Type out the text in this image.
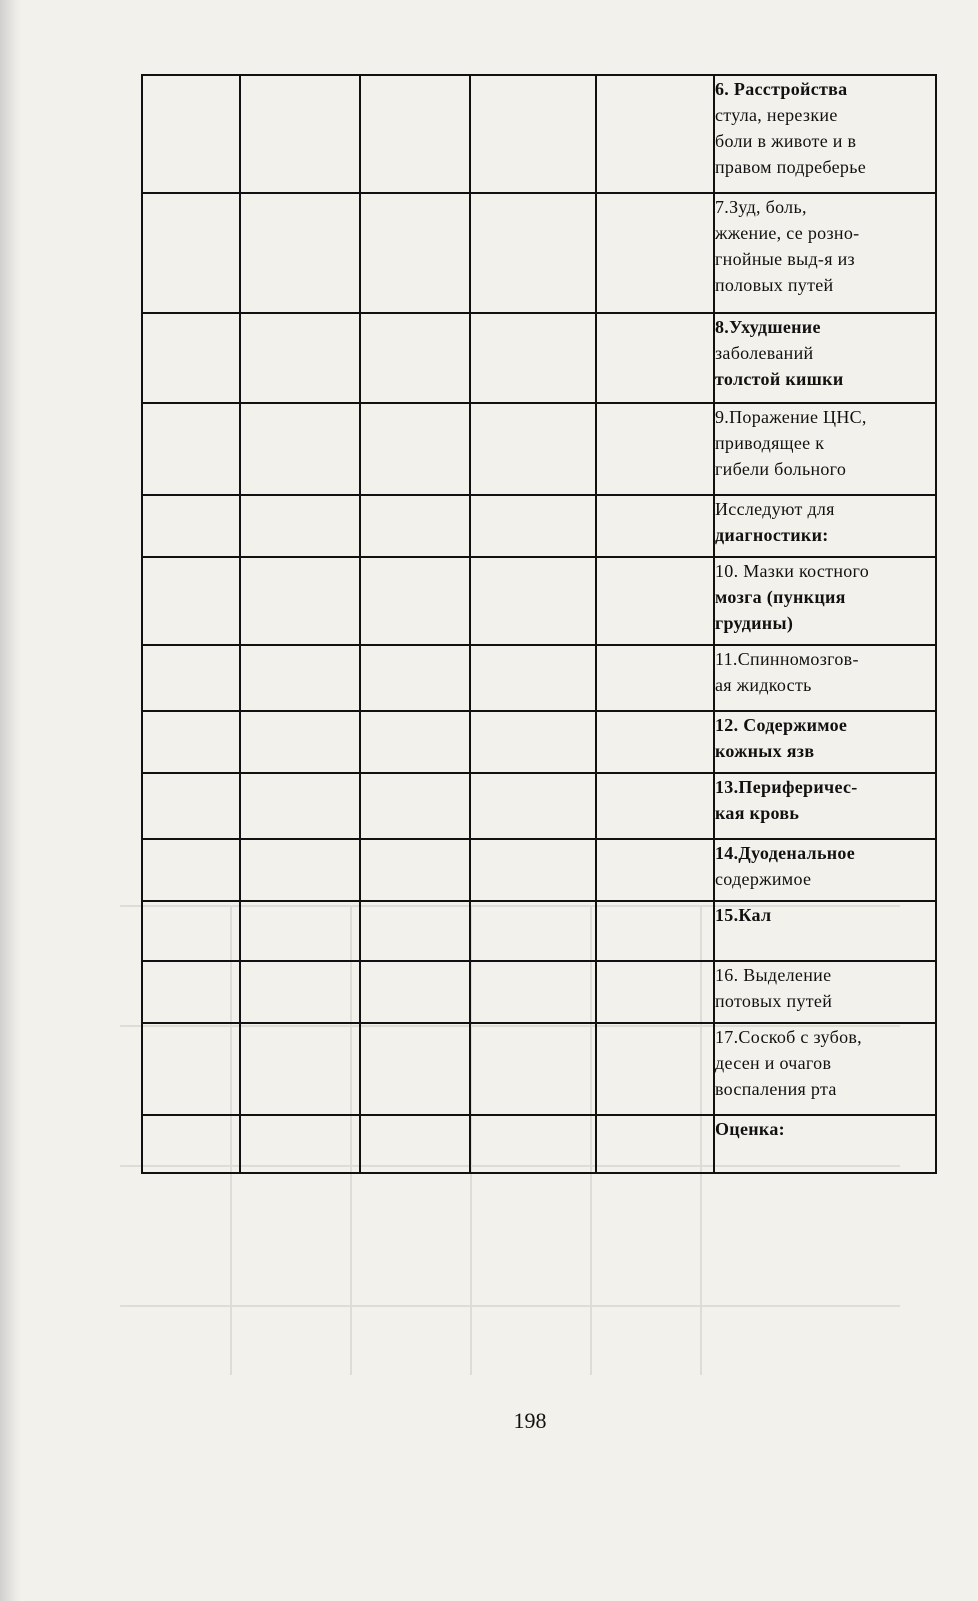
					6. Расстройства
стула, нерезкие
боли в животе и в
правом подреберье

					7.Зуд, боль,
жжение, се розно-
гнойные выд-я из
половых путей

					8.Ухудшение
заболеваний
толстой кишки

					9.Поражение ЦНС,
приводящее к
гибели больного

					Исследуют для
диагностики:

					10. Мазки костного
мозга (пункция
грудины)

					11.Спинномозгов-
ая жидкость

					12. Содержимое
кожных язв

					13.Периферичес-
кая кровь

					14.Дуоденальное
содержимое

					15.Кал

					16. Выделение
потовых путей

					17.Соскоб с зубов,
десен и очагов
воспаления рта

					Оценка:
198
